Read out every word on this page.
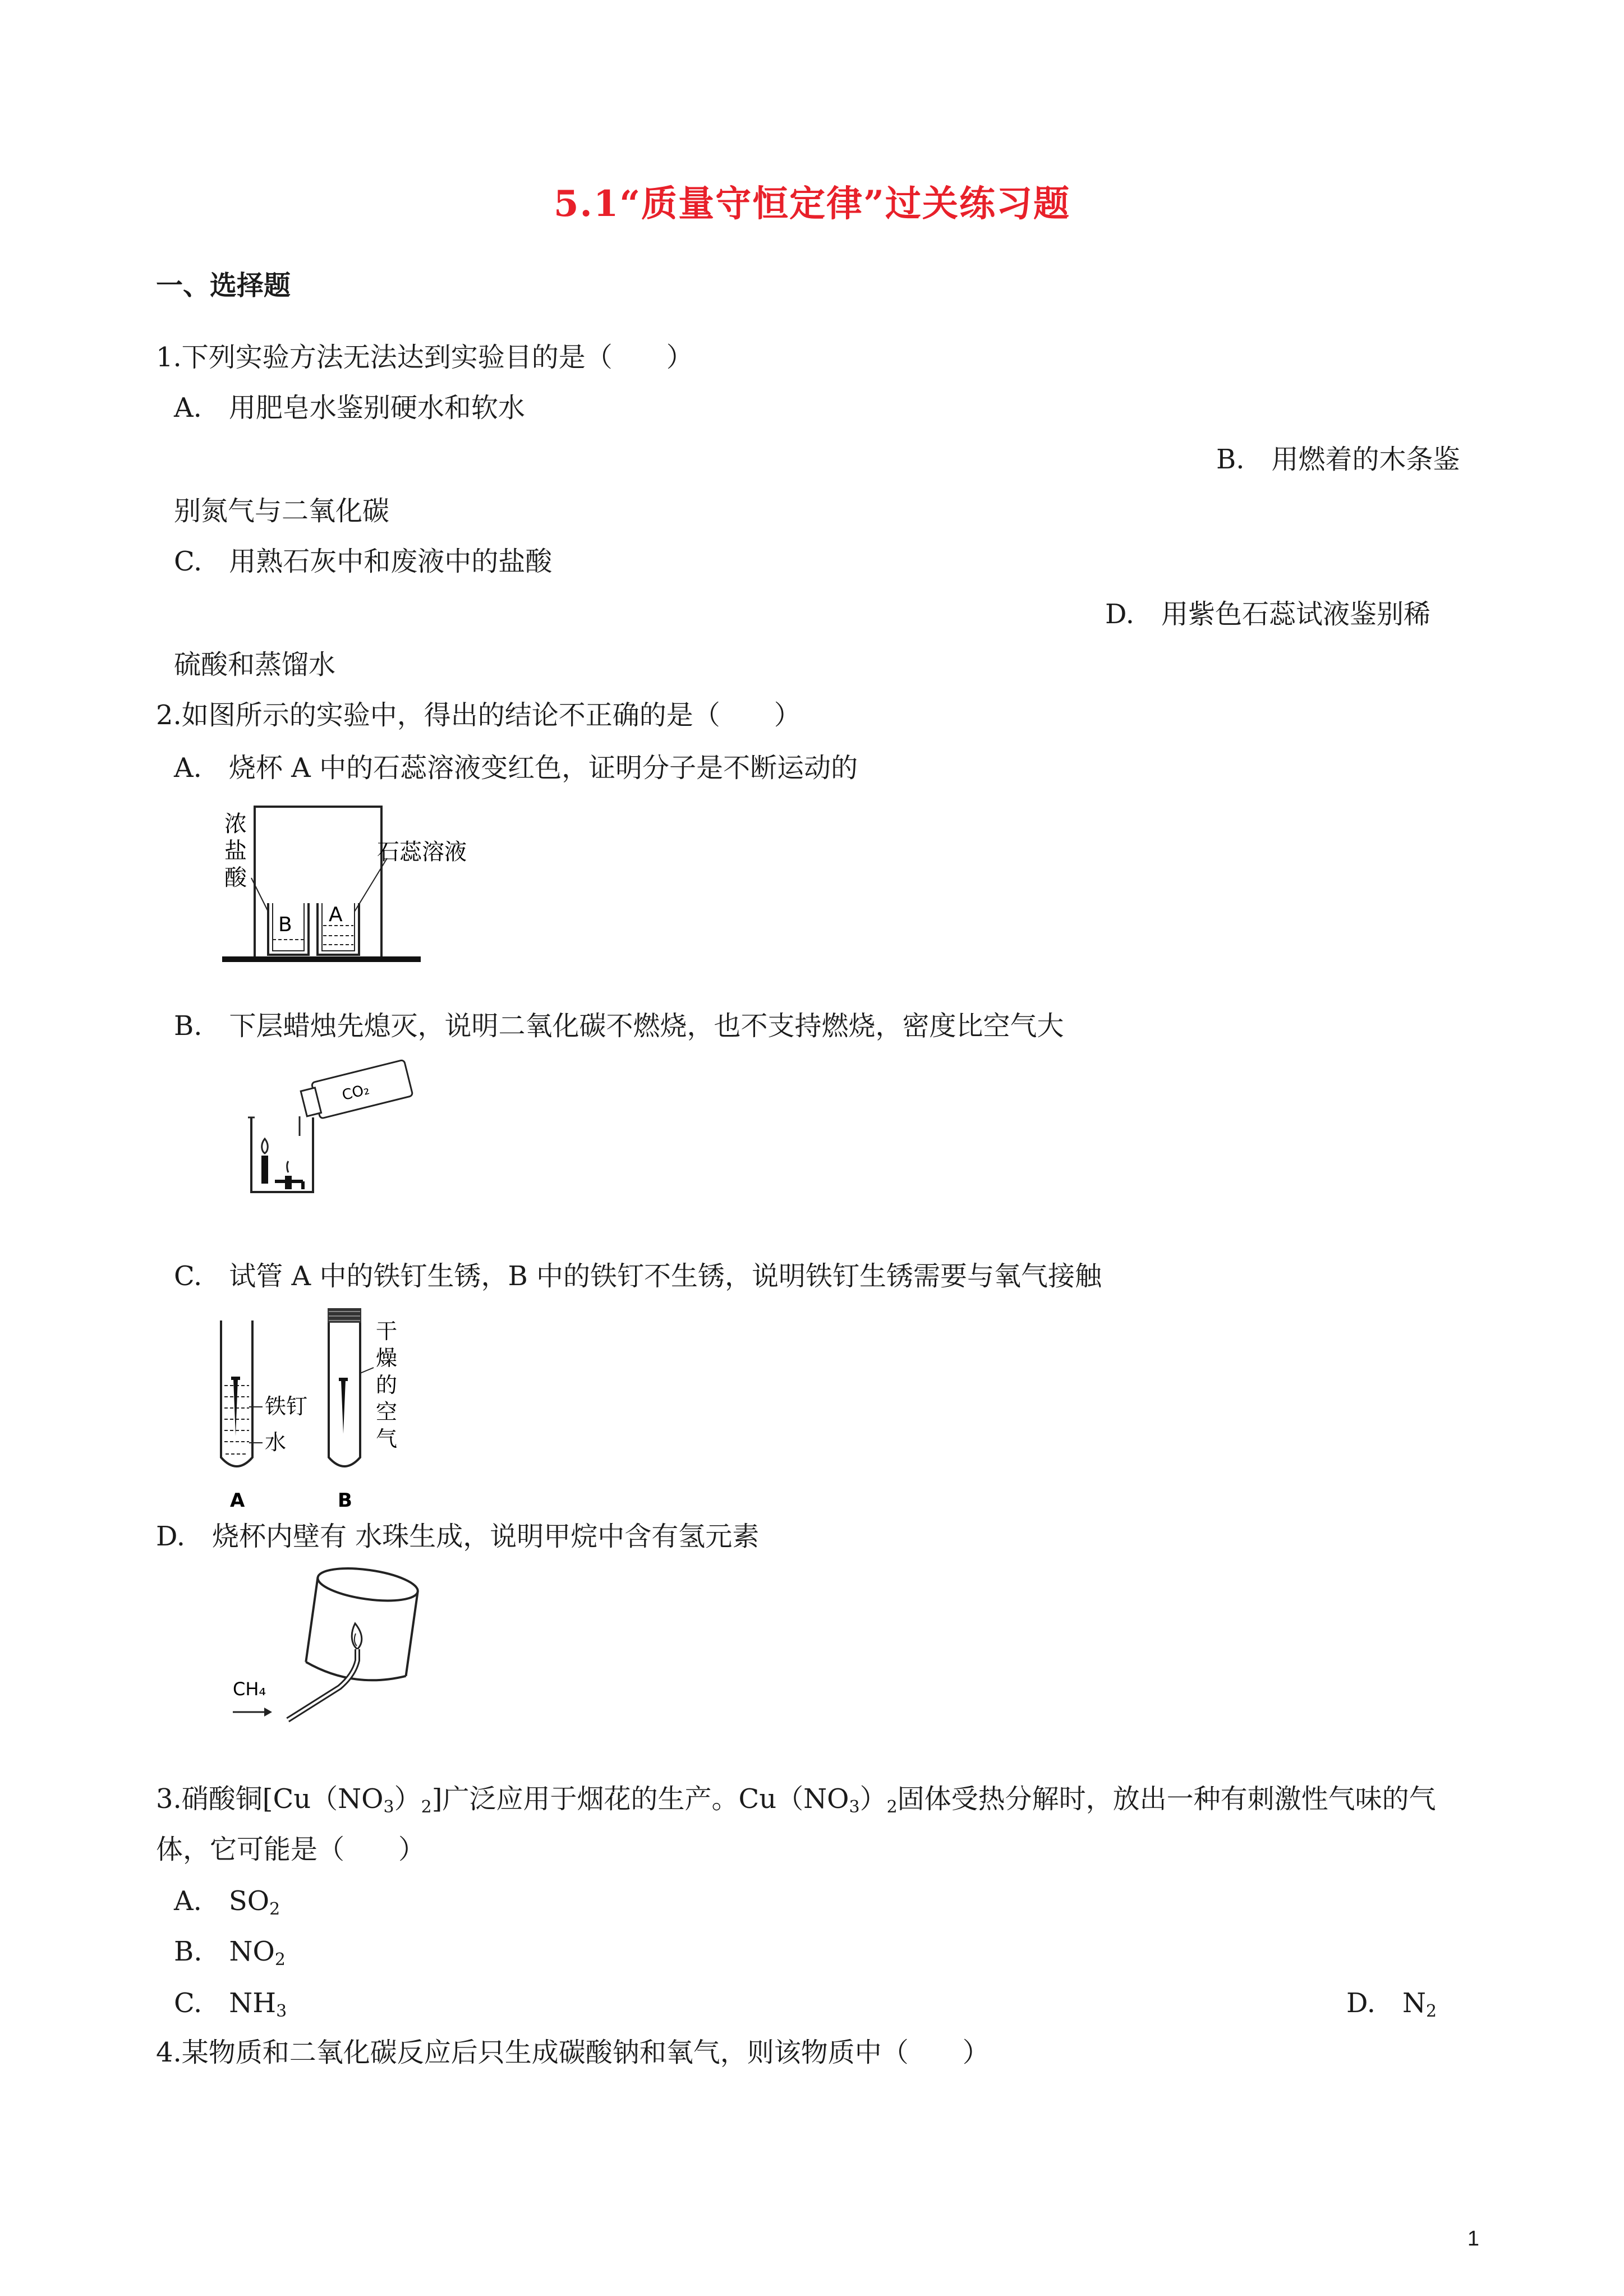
5.1“质量守恒定律”过关练习题
一、选择题
1.下列实验方法无法达到实验目的是（　　）
A.　用肥皂水鉴别硬水和软水
B.　用燃着的木条鉴
别氮气与二氧化碳
C.　用熟石灰中和废液中的盐酸
D.　用紫色石蕊试液鉴别稀
硫酸和蒸馏水
2.如图所示的实验中，得出的结论不正确的是（　　）
A.　烧杯 A 中的石蕊溶液变红色，证明分子是不断运动的
B A
浓
盐
酸
石蕊溶液
B.　下层蜡烛先熄灭，说明二氧化碳不燃烧，也不支持燃烧，密度比空气大
CO₂
C.　试管 A 中的铁钉生锈，B 中的铁钉不生锈，说明铁钉生锈需要与氧气接触
铁钉
水
干
燥
的
空
气
A	B
D.　烧杯内壁有 水珠生成，说明甲烷中含有氢元素
CH₄
3.硝酸铜$[Cu(NO_3)_2]$广泛应用于烟花的生产。$Cu(NO_3)_2$固体受热分解时，放出一种有刺激性气味的气
体，它可能是（　　）
A.　$SO_2$
B.　$NO_2$
C.　$NH_3$	D.　$N_2$
4.某物质和二氧化碳反应后只生成碳酸钠和氧气，则该物质中（　　）
1
